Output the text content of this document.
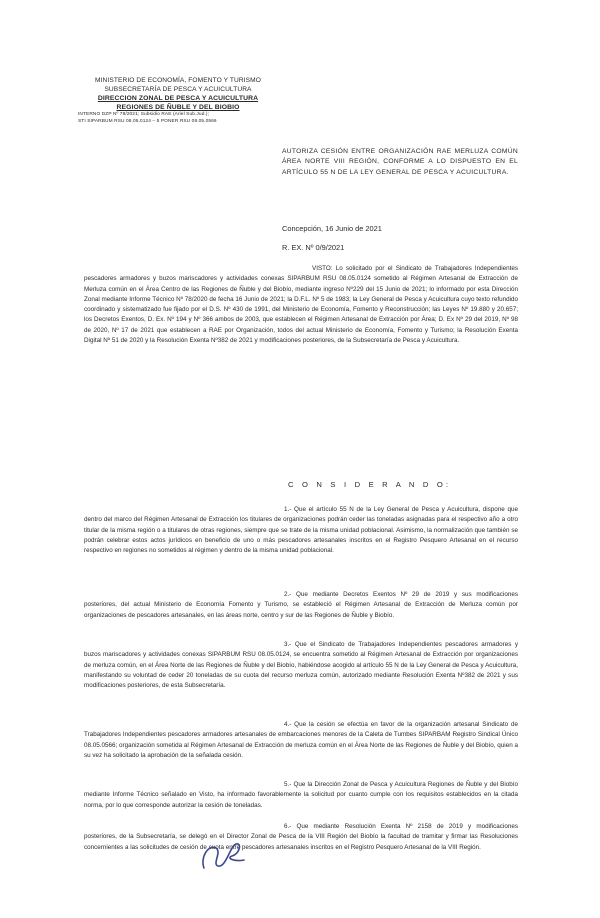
MINISTERIO DE ECONOMÍA, FOMENTO Y TURISMO
SUBSECRETARÍA DE PESCA Y ACUICULTURA
DIRECCION ZONAL DE PESCA Y ACUICULTURA
REGIONES DE ÑUBLE Y DEL BIOBIO
INTERNO DZP Nº 78/2021; Subsidio RAE (Ariel Sub.Jud.);
STI SIPARBUM RSU 08.05.0124 – 5 PONER RSU 08.05.0566
AUTORIZA CESIÓN ENTRE ORGANIZACIÓN RAE MERLUZA COMÚN ÁREA NORTE VIII REGIÓN, CONFORME A LO DISPUESTO EN EL ARTÍCULO 55 N DE LA LEY GENERAL DE PESCA Y ACUICULTURA.
Concepción, 16 Junio de 2021
R. EX. Nº 0/9/2021
VISTO: Lo solicitado por el Sindicato de Trabajadores Independientes pescadores armadores y buzos mariscadores y actividades conexas SIPARBUM RSU 08.05.0124 sometido al Régimen Artesanal de Extracción de Merluza común en el Área Centro de las Regiones de Ñuble y del Biobío, mediante ingreso Nº229 del 15 Junio de 2021; lo informado por esta Dirección Zonal mediante Informe Técnico Nº 78/2020 de fecha 16 Junio de 2021; la D.F.L. Nº 5 de 1983; la Ley General de Pesca y Acuicultura cuyo texto refundido coordinado y sistematizado fue fijado por el D.S. Nº 430 de 1991, del Ministerio de Economía, Fomento y Reconstrucción; las Leyes Nº 19.880 y 20.657; los Decretos Exentos, D. Ex. Nº 194 y Nº 366 ambos de 2003, que establecen el Régimen Artesanal de Extracción por Área; D. Ex Nº 29 del 2019, Nº 98 de 2020, Nº 17 de 2021 que establecen a RAE por Organización, todos del actual Ministerio de Economía, Fomento y Turismo; la Resolución Exenta Digital Nº 51 de 2020 y la Resolución Exenta Nº382 de 2021 y modificaciones posteriores, de la Subsecretaría de Pesca y Acuicultura.
C O N S I D E R A N D O:
1.- Que el artículo 55 N de la Ley General de Pesca y Acuicultura, dispone que dentro del marco del Régimen Artesanal de Extracción los titulares de organizaciones podrán ceder las toneladas asignadas para el respectivo año a otro titular de la misma región o a titulares de otras regiones, siempre que se trate de la misma unidad poblacional. Asimismo, la normalización que también se podrán celebrar estos actos jurídicos en beneficio de uno o más pescadores artesanales inscritos en el Registro Pesquero Artesanal en el recurso respectivo en regiones no sometidos al régimen y dentro de la misma unidad poblacional.
2.- Que mediante Decretos Exentos Nº 29 de 2019 y sus modificaciones posteriores, del actual Ministerio de Economía Fomento y Turismo, se estableció el Régimen Artesanal de Extracción de Merluza común por organizaciones de pescadores artesanales, en las áreas norte, centro y sur de las Regiones de Ñuble y Biobío.
3.- Que el Sindicato de Trabajadores Independientes pescadores armadores y buzos mariscadores y actividades conexas SIPARBUM RSU 08.05.0124, se encuentra sometido al Régimen Artesanal de Extracción por organizaciones de merluza común, en el Área Norte de las Regiones de Ñuble y del Biobío, habiéndose acogido al artículo 55 N de la Ley General de Pesca y Acuicultura, manifestando su voluntad de ceder 20 toneladas de su cuota del recurso merluza común, autorizado mediante Resolución Exenta Nº382 de 2021 y sus modificaciones posteriores, de esta Subsecretaría.
4.- Que la cesión se efectúa en favor de la organización artesanal Sindicato de Trabajadores Independientes pescadores armadores artesanales de embarcaciones menores de la Caleta de Tumbes SIPARBAM Registro Sindical Único 08.05.0566; organización sometida al Régimen Artesanal de Extracción de merluza común en el Área Norte de las Regiones de Ñuble y del Biobío, quien a su vez ha solicitado la aprobación de la señalada cesión.
5.- Que la Dirección Zonal de Pesca y Acuicultura Regiones de Ñuble y del Biobío mediante Informe Técnico señalado en Visto, ha informado favorablemente la solicitud por cuanto cumple con los requisitos establecidos en la citada norma, por lo que corresponde autorizar la cesión de toneladas.
6.- Que mediante Resolución Exenta Nº 2158 de 2019 y modificaciones posteriores, de la Subsecretaría, se delegó en el Director Zonal de Pesca de la VIII Región del Biobío la facultad de tramitar y firmar las Resoluciones concernientes a las solicitudes de cesión de cuota entre pescadores artesanales inscritos en el Registro Pesquero Artesanal de la VIII Región.
